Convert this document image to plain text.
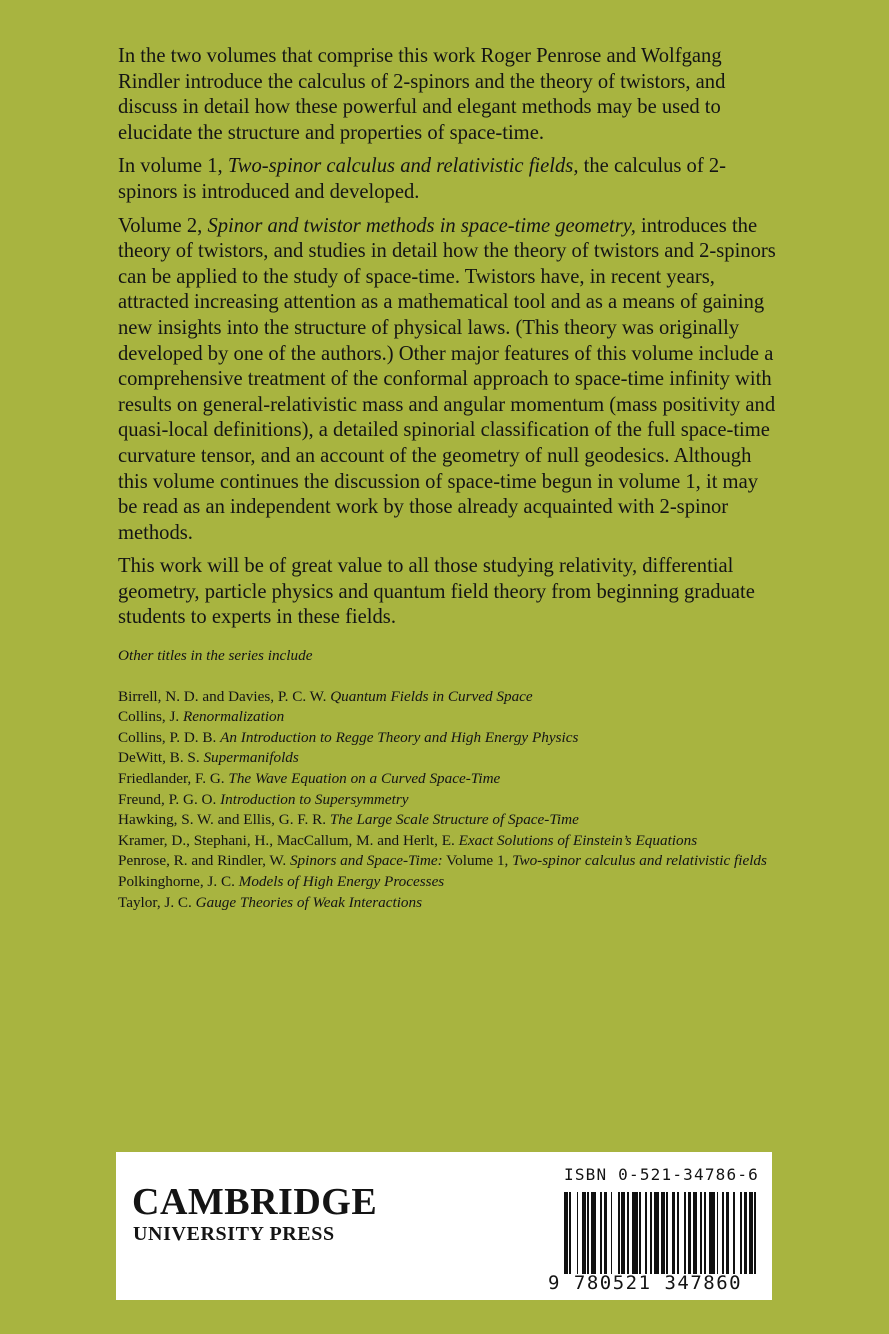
In the two volumes that comprise this work Roger Penrose and Wolfgang Rindler introduce the calculus of 2-spinors and the theory of twistors, and discuss in detail how these powerful and elegant methods may be used to elucidate the structure and properties of space-time.

In volume 1, Two-spinor calculus and relativistic fields, the calculus of 2-spinors is introduced and developed.

Volume 2, Spinor and twistor methods in space-time geometry, introduces the theory of twistors, and studies in detail how the theory of twistors and 2-spinors can be applied to the study of space-time. Twistors have, in recent years, attracted increasing attention as a mathematical tool and as a means of gaining new insights into the structure of physical laws. (This theory was originally developed by one of the authors.) Other major features of this volume include a comprehensive treatment of the conformal approach to space-time infinity with results on general-relativistic mass and angular momentum (mass positivity and quasi-local definitions), a detailed spinorial classification of the full space-time curvature tensor, and an account of the geometry of null geodesics. Although this volume continues the discussion of space-time begun in volume 1, it may be read as an independent work by those already acquainted with 2-spinor methods.

This work will be of great value to all those studying relativity, differential geometry, particle physics and quantum field theory from beginning graduate students to experts in these fields.

Other titles in the series include
Birrell, N. D. and Davies, P. C. W. Quantum Fields in Curved Space
Collins, J. Renormalization
Collins, P. D. B. An Introduction to Regge Theory and High Energy Physics
DeWitt, B. S. Supermanifolds
Friedlander, F. G. The Wave Equation on a Curved Space-Time
Freund, P. G. O. Introduction to Supersymmetry
Hawking, S. W. and Ellis, G. F. R. The Large Scale Structure of Space-Time
Kramer, D., Stephani, H., MacCallum, M. and Herlt, E. Exact Solutions of Einstein’s Equations
Penrose, R. and Rindler, W. Spinors and Space-Time: Volume 1, Two-spinor calculus and relativistic fields
Polkinghorne, J. C. Models of High Energy Processes
Taylor, J. C. Gauge Theories of Weak Interactions
CAMBRIDGE
UNIVERSITY PRESS
ISBN 0-521-34786-6
9 780521 347860
